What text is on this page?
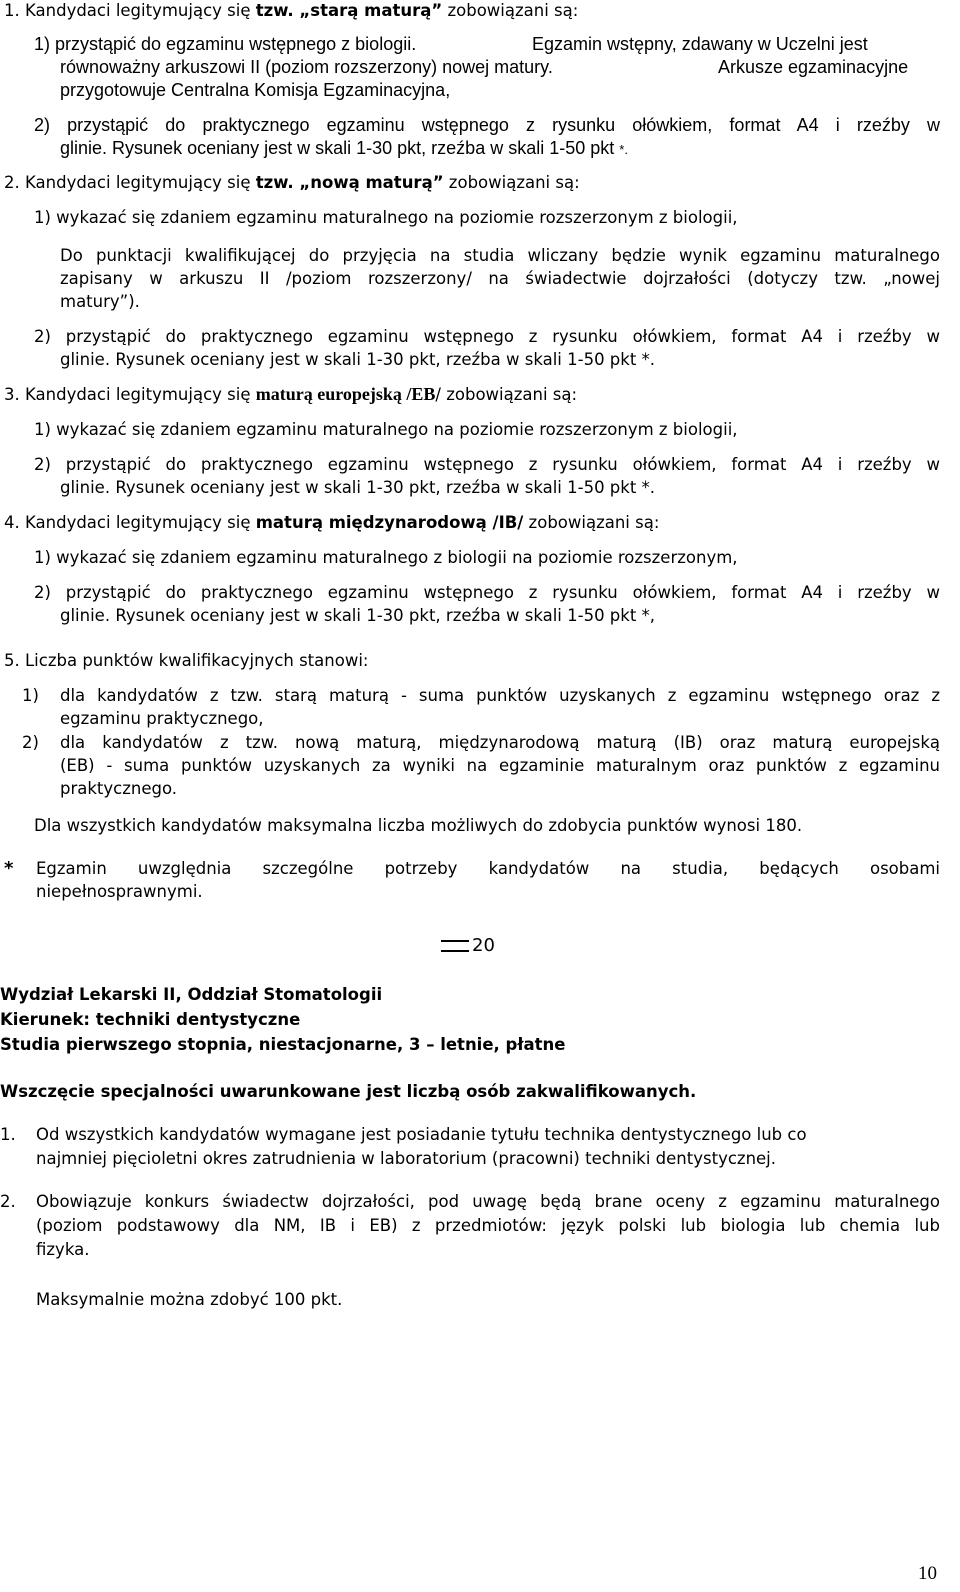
1. Kandydaci legitymujący się tzw. „starą maturą” zobowiązani są:
1) przystąpić do egzaminu wstępnego z biologii.	Egzamin wstępny, zdawany w Uczelni jest
równoważny arkuszowi II (poziom rozszerzony) nowej matury.	Arkusze egzaminacyjne
przygotowuje Centralna Komisja Egzaminacyjna,
2) przystąpić do praktycznego egzaminu wstępnego z rysunku ołówkiem, format A4 i rzeźby w
glinie. Rysunek oceniany jest w skali 1-30 pkt, rzeźba w skali 1-50 pkt *.
2. Kandydaci legitymujący się tzw. „nową maturą” zobowiązani są:
1) wykazać się zdaniem egzaminu maturalnego na poziomie rozszerzonym z biologii,
Do punktacji kwalifikującej do przyjęcia na studia wliczany będzie wynik egzaminu maturalnego
zapisany w arkuszu II /poziom rozszerzony/ na świadectwie dojrzałości (dotyczy tzw. „nowej
matury”).
2) przystąpić do praktycznego egzaminu wstępnego z rysunku ołówkiem, format A4 i rzeźby w
glinie. Rysunek oceniany jest w skali 1-30 pkt, rzeźba w skali 1-50 pkt *.
3. Kandydaci legitymujący się maturą europejską /EB/ zobowiązani są:
1) wykazać się zdaniem egzaminu maturalnego na poziomie rozszerzonym z biologii,
2) przystąpić do praktycznego egzaminu wstępnego z rysunku ołówkiem, format A4 i rzeźby w
glinie. Rysunek oceniany jest w skali 1-30 pkt, rzeźba w skali 1-50 pkt *.
4. Kandydaci legitymujący się maturą międzynarodową /IB/ zobowiązani są:
1) wykazać się zdaniem egzaminu maturalnego z biologii na poziomie rozszerzonym,
2) przystąpić do praktycznego egzaminu wstępnego z rysunku ołówkiem, format A4 i rzeźby w
glinie. Rysunek oceniany jest w skali 1-30 pkt, rzeźba w skali 1-50 pkt *,
5. Liczba punktów kwalifikacyjnych stanowi:
1) dla kandydatów z tzw. starą maturą - suma punktów uzyskanych z egzaminu wstępnego oraz z
egzaminu praktycznego,
2) dla kandydatów z tzw. nową maturą, międzynarodową maturą (IB) oraz maturą europejską
(EB) - suma punktów uzyskanych za wyniki na egzaminie maturalnym oraz punktów z egzaminu
praktycznego.
Dla wszystkich kandydatów maksymalna liczba możliwych do zdobycia punktów wynosi 180.
* Egzamin uwzględnia szczególne potrzeby kandydatów na studia, będących osobami
niepełnosprawnymi.
20
Wydział Lekarski II, Oddział Stomatologii
Kierunek: techniki dentystyczne
Studia pierwszego stopnia, niestacjonarne, 3 – letnie, płatne
Wszczęcie specjalności uwarunkowane jest liczbą osób zakwalifikowanych.
1. Od wszystkich kandydatów wymagane jest posiadanie tytułu technika dentystycznego lub co
najmniej pięcioletni okres zatrudnienia w laboratorium (pracowni) techniki dentystycznej.
2. Obowiązuje konkurs świadectw dojrzałości, pod uwagę będą brane oceny z egzaminu maturalnego
(poziom podstawowy dla NM, IB i EB) z przedmiotów: język polski lub biologia lub chemia lub
fizyka.
Maksymalnie można zdobyć 100 pkt.
10
